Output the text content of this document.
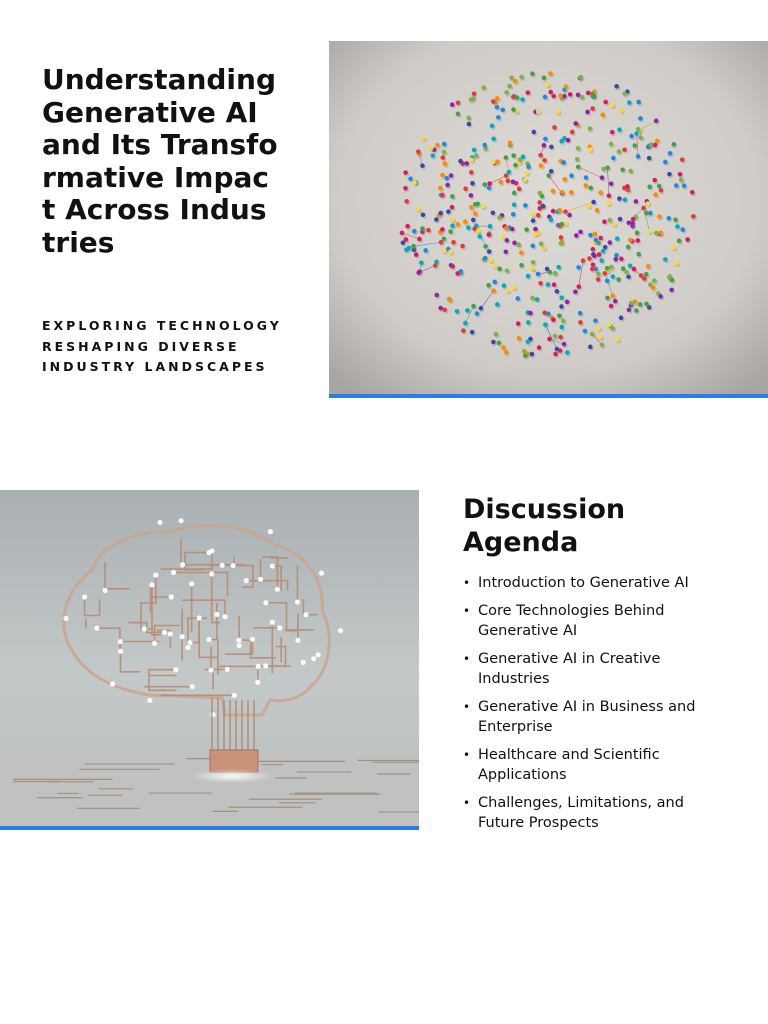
Understanding Generative AI and Its Transformative Impact Across Industries

EXPLORING TECHNOLOGY RESHAPING DIVERSE INDUSTRY LANDSCAPES

Discussion Agenda
• Introduction to Generative AI
• Core Technologies Behind Generative AI
• Generative AI in Creative Industries
• Generative AI in Business and Enterprise
• Healthcare and Scientific Applications
• Challenges, Limitations, and Future Prospects
